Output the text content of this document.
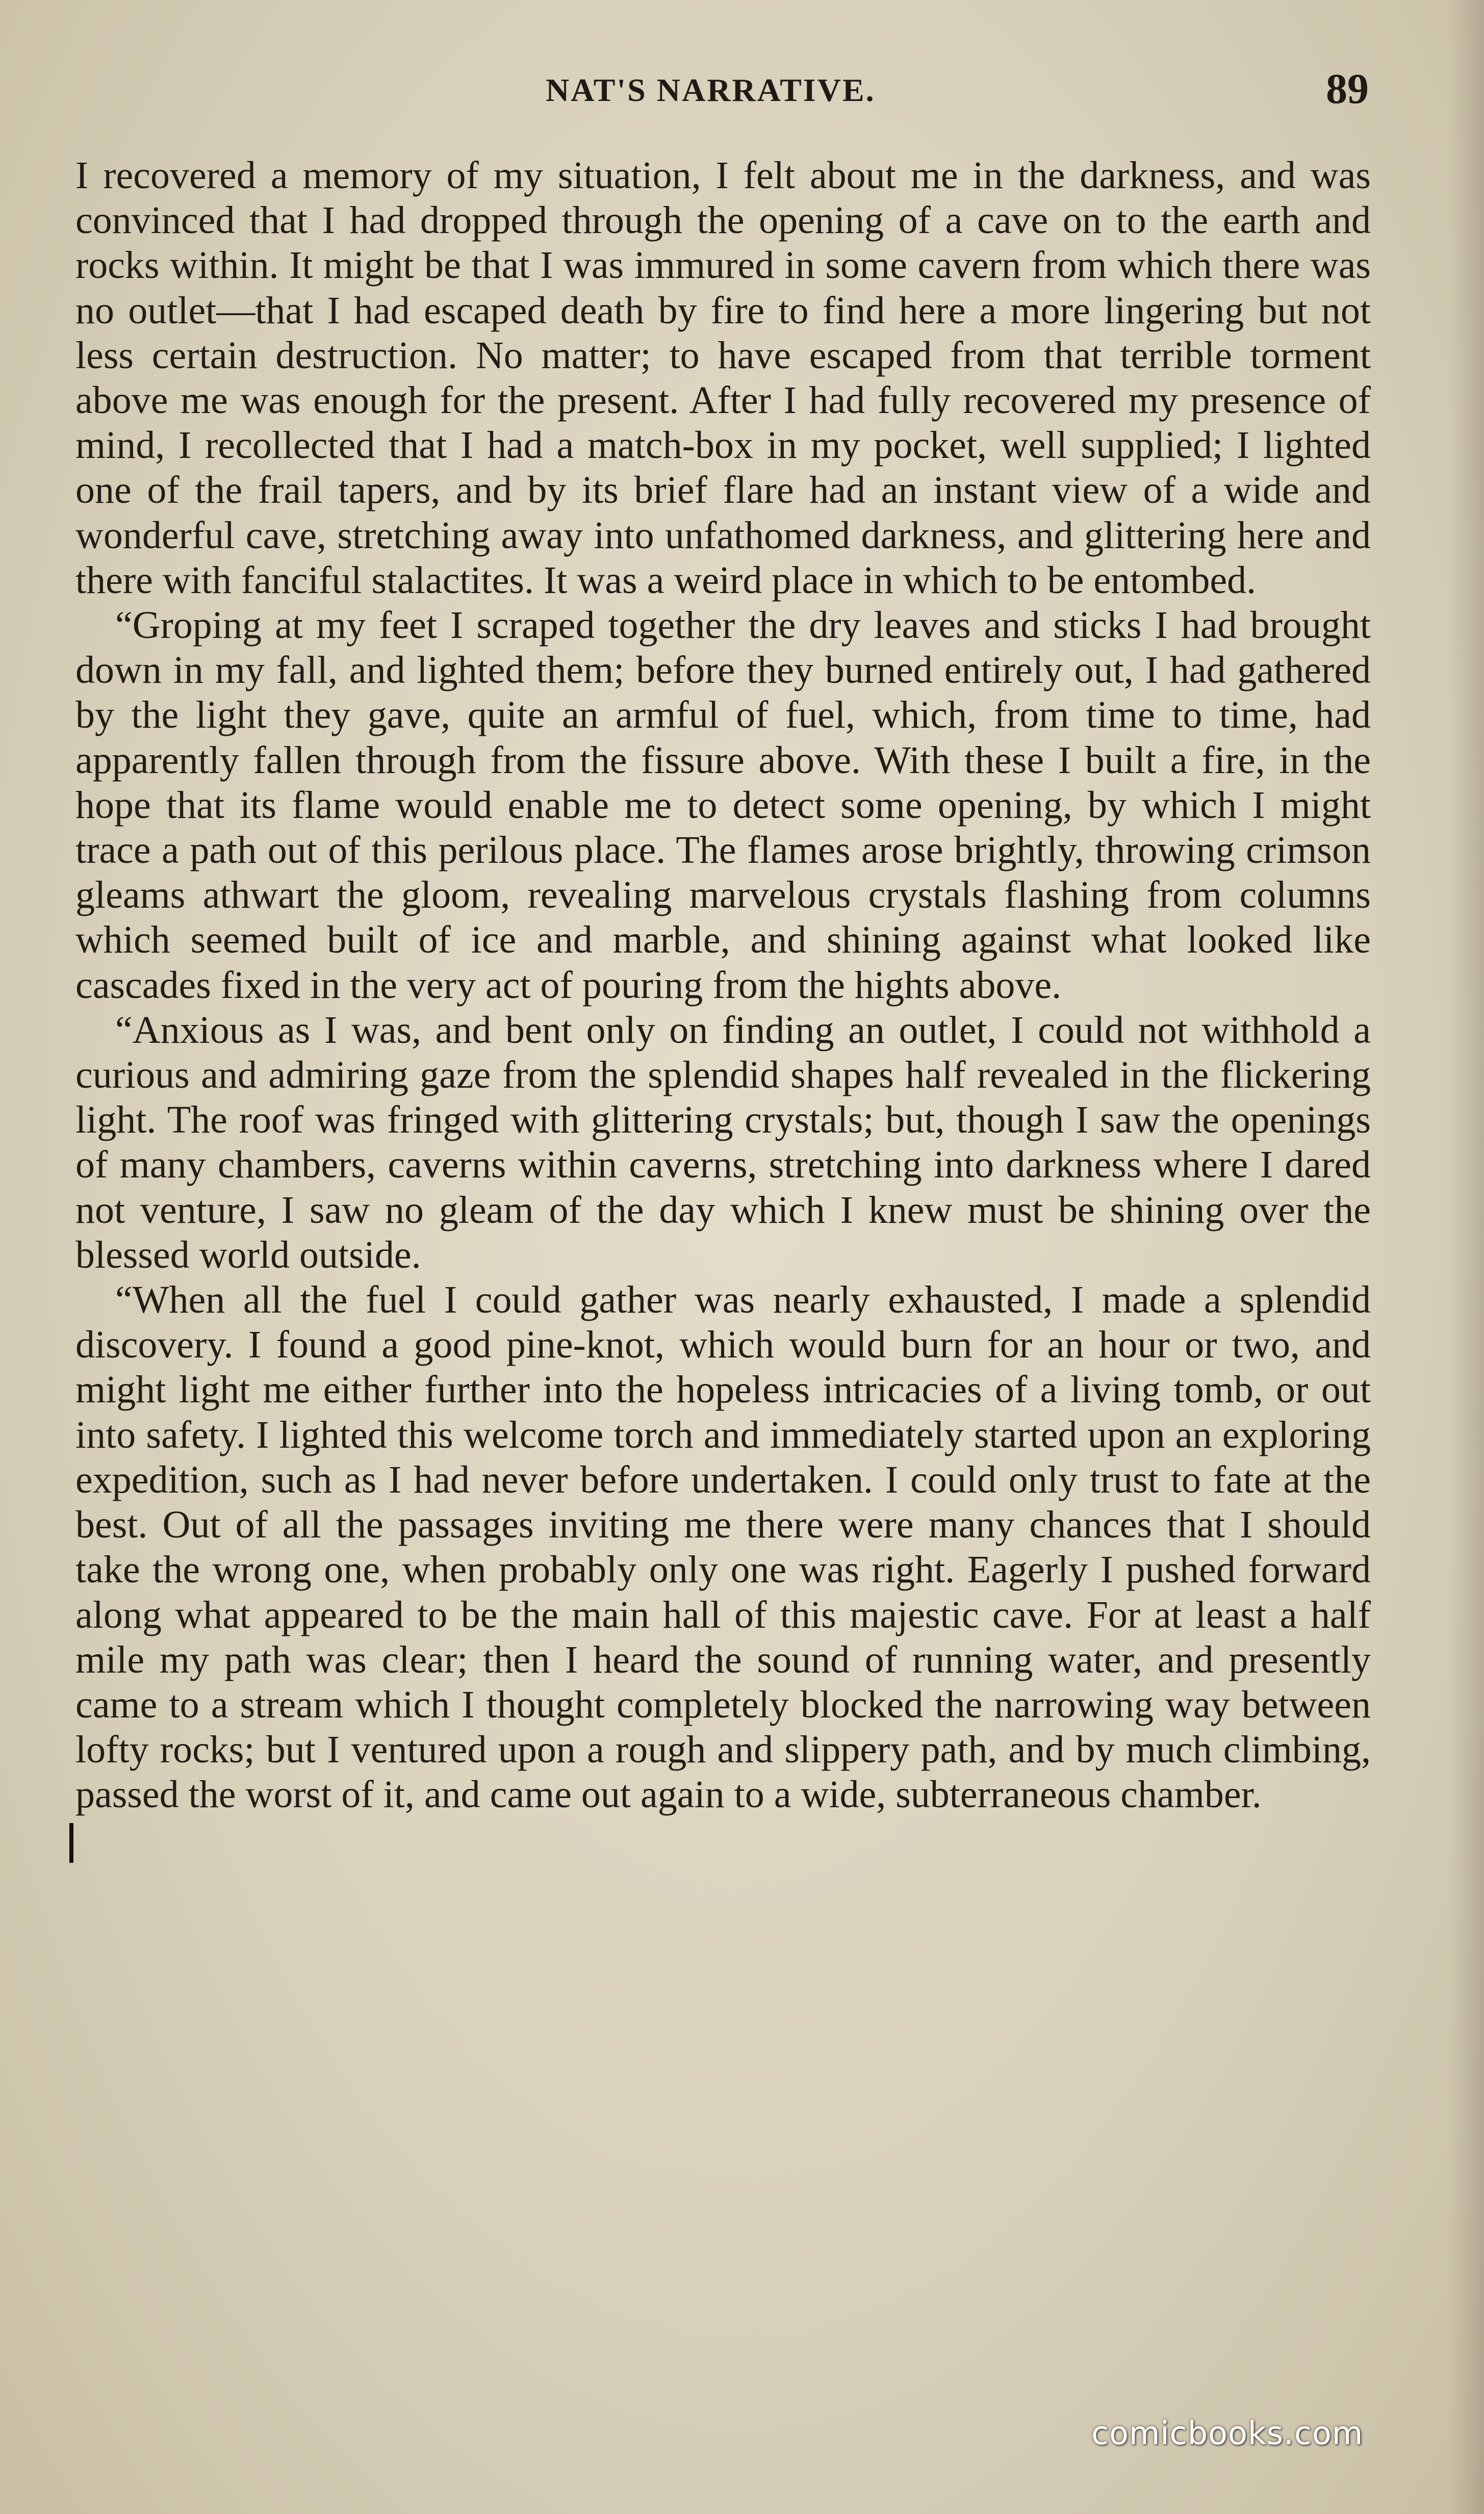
NAT'S NARRATIVE.	89

I recovered a memory of my situation, I felt about me in the darkness, and was convinced that I had dropped through the opening of a cave on to the earth and rocks within. It might be that I was immured in some cavern from which there was no outlet—that I had escaped death by fire to find here a more lingering but not less certain destruction. No matter; to have escaped from that terrible torment above me was enough for the present. After I had fully recovered my presence of mind, I recollected that I had a match-box in my pocket, well supplied; I lighted one of the frail tapers, and by its brief flare had an instant view of a wide and wonderful cave, stretching away into unfathomed darkness, and glittering here and there with fanciful stalactites. It was a weird place in which to be entombed.

“Groping at my feet I scraped together the dry leaves and sticks I had brought down in my fall, and lighted them; before they burned entirely out, I had gathered by the light they gave, quite an armful of fuel, which, from time to time, had apparently fallen through from the fissure above. With these I built a fire, in the hope that its flame would enable me to detect some opening, by which I might trace a path out of this perilous place. The flames arose brightly, throwing crimson gleams athwart the gloom, revealing marvelous crystals flashing from columns which seemed built of ice and marble, and shining against what looked like cascades fixed in the very act of pouring from the hights above.

“Anxious as I was, and bent only on finding an outlet, I could not withhold a curious and admiring gaze from the splendid shapes half revealed in the flickering light. The roof was fringed with glittering crystals; but, though I saw the openings of many chambers, caverns within caverns, stretching into darkness where I dared not venture, I saw no gleam of the day which I knew must be shining over the blessed world outside.

“When all the fuel I could gather was nearly exhausted, I made a splendid discovery. I found a good pine-knot, which would burn for an hour or two, and might light me either further into the hopeless intricacies of a living tomb, or out into safety. I lighted this welcome torch and immediately started upon an exploring expedition, such as I had never before undertaken. I could only trust to fate at the best. Out of all the passages inviting me there were many chances that I should take the wrong one, when probably only one was right. Eagerly I pushed forward along what appeared to be the main hall of this majestic cave. For at least a half mile my path was clear; then I heard the sound of running water, and presently came to a stream which I thought completely blocked the narrowing way between lofty rocks; but I ventured upon a rough and slippery path, and by much climbing, passed the worst of it, and came out again to a wide, subterraneous chamber.

comicbooks.com
